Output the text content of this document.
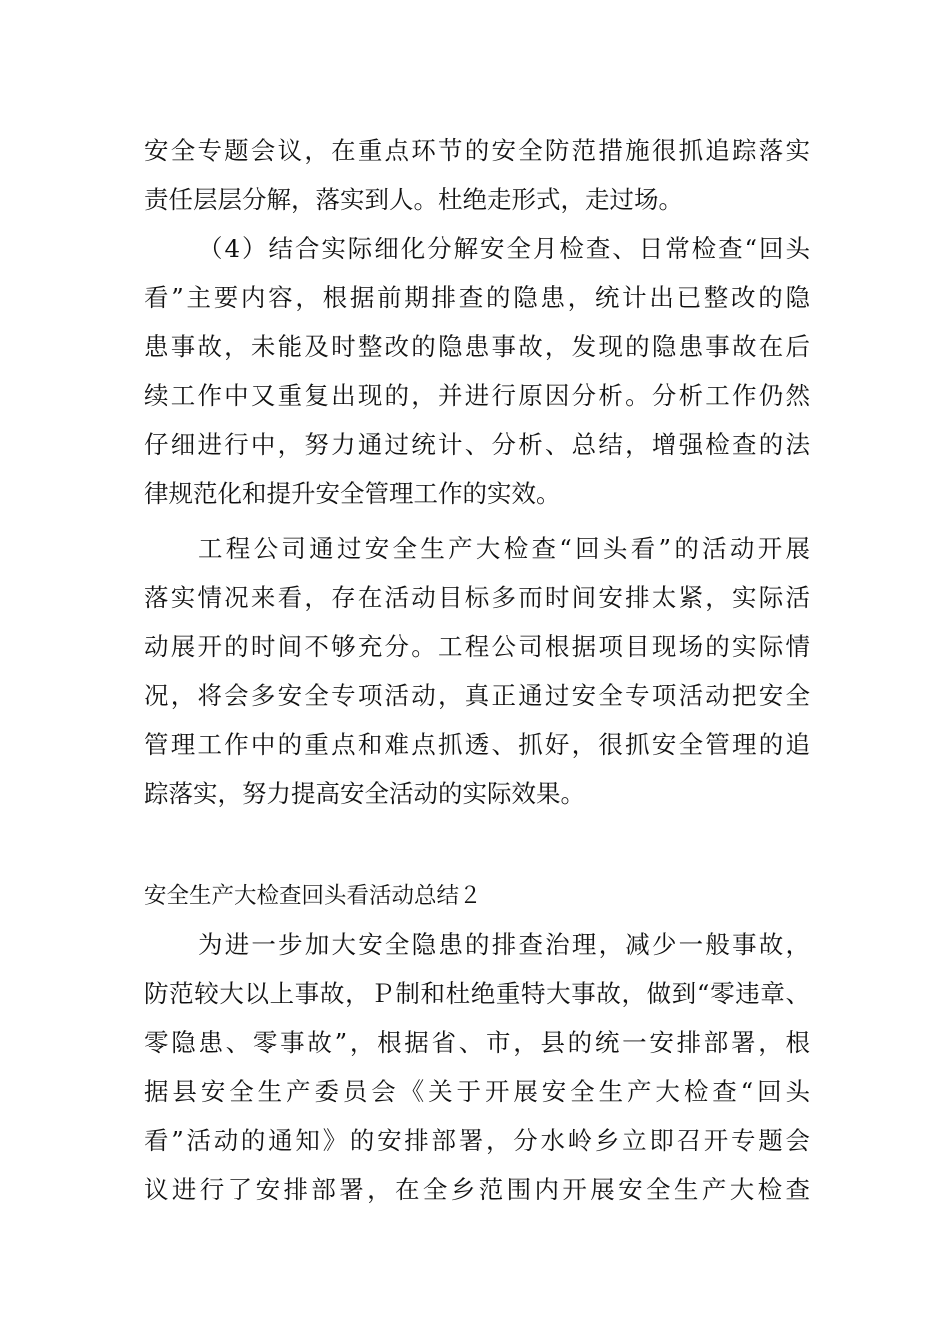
安全专题会议，在重点环节的安全防范措施很抓追踪落实
责任层层分解，落实到人。杜绝走形式，走过场。
（4）结合实际细化分解安全月检查、日常检查“回头
看”主要内容，根据前期排查的隐患，统计出已整改的隐
患事故，未能及时整改的隐患事故，发现的隐患事故在后
续工作中又重复出现的，并进行原因分析。分析工作仍然
仔细进行中，努力通过统计、分析、总结，增强检查的法
律规范化和提升安全管理工作的实效。
工程公司通过安全生产大检查“回头看”的活动开展
落实情况来看，存在活动目标多而时间安排太紧，实际活
动展开的时间不够充分。工程公司根据项目现场的实际情
况，将会多安全专项活动，真正通过安全专项活动把安全
管理工作中的重点和难点抓透、抓好，很抓安全管理的追
踪落实，努力提高安全活动的实际效果。
安全生产大检查回头看活动总结２
为进一步加大安全隐患的排查治理，减少一般事故，
防范较大以上事故，Ｐ制和杜绝重特大事故，做到“零违章、
零隐患、零事故”，根据省、市，县的统一安排部署，根
据县安全生产委员会《关于开展安全生产大检查“回头
看”活动的通知》的安排部署，分水岭乡立即召开专题会
议进行了安排部署，在全乡范围内开展安全生产大检查
